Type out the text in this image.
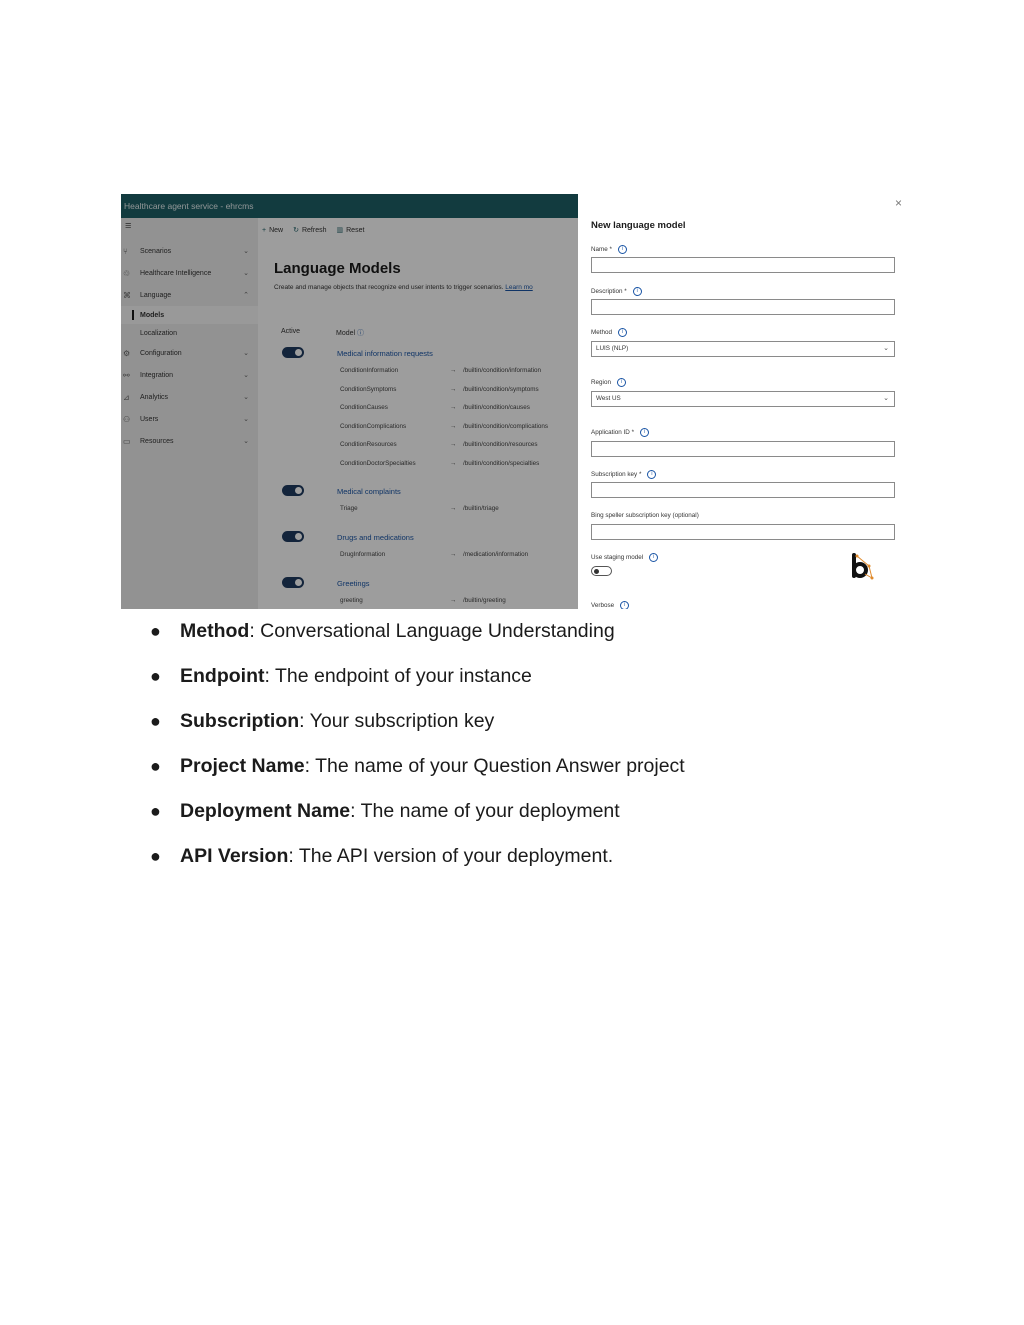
Healthcare agent service - ehrcms
≡
⑂	Scenarios	⌄
♲	Healthcare Intelligence	⌄
⌘ Language	⌃
Models
Localization
⚙	Configuration	⌄
⚯	Integration	⌄
⊿	Analytics	⌄
⚇	Users	⌄
▭	Resources	⌄
+ New ↻ Refresh ▥ Reset
Language Models
Create and manage objects that recognize end user intents to trigger scenarios. Learn mo
Active	Model ⓘ
Medical information requests
ConditionInformation	→ /builtin/condition/information
ConditionSymptoms	→ /builtin/condition/symptoms
ConditionCauses	→ /builtin/condition/causes
ConditionComplications	→ /builtin/condition/complications
ConditionResources	→ /builtin/condition/resources
ConditionDoctorSpecialties	→ /builtin/condition/specialties
Medical complaints
Triage	→ /builtin/triage
Drugs and medications
DrugInformation	→ /medication/information
Greetings
greeting	→ /builtin/greeting
×
New language model
Name * i
Description * i
Method i
LUIS (NLP)	⌄
Region i
West US	⌄
Application ID * i
Subscription key * i
Bing speller subscription key (optional)
Use staging model i
Verbose i
● Method: Conversational Language Understanding
● Endpoint: The endpoint of your instance
● Subscription: Your subscription key
● Project Name: The name of your Question Answer project
● Deployment Name: The name of your deployment
● API Version: The API version of your deployment.
